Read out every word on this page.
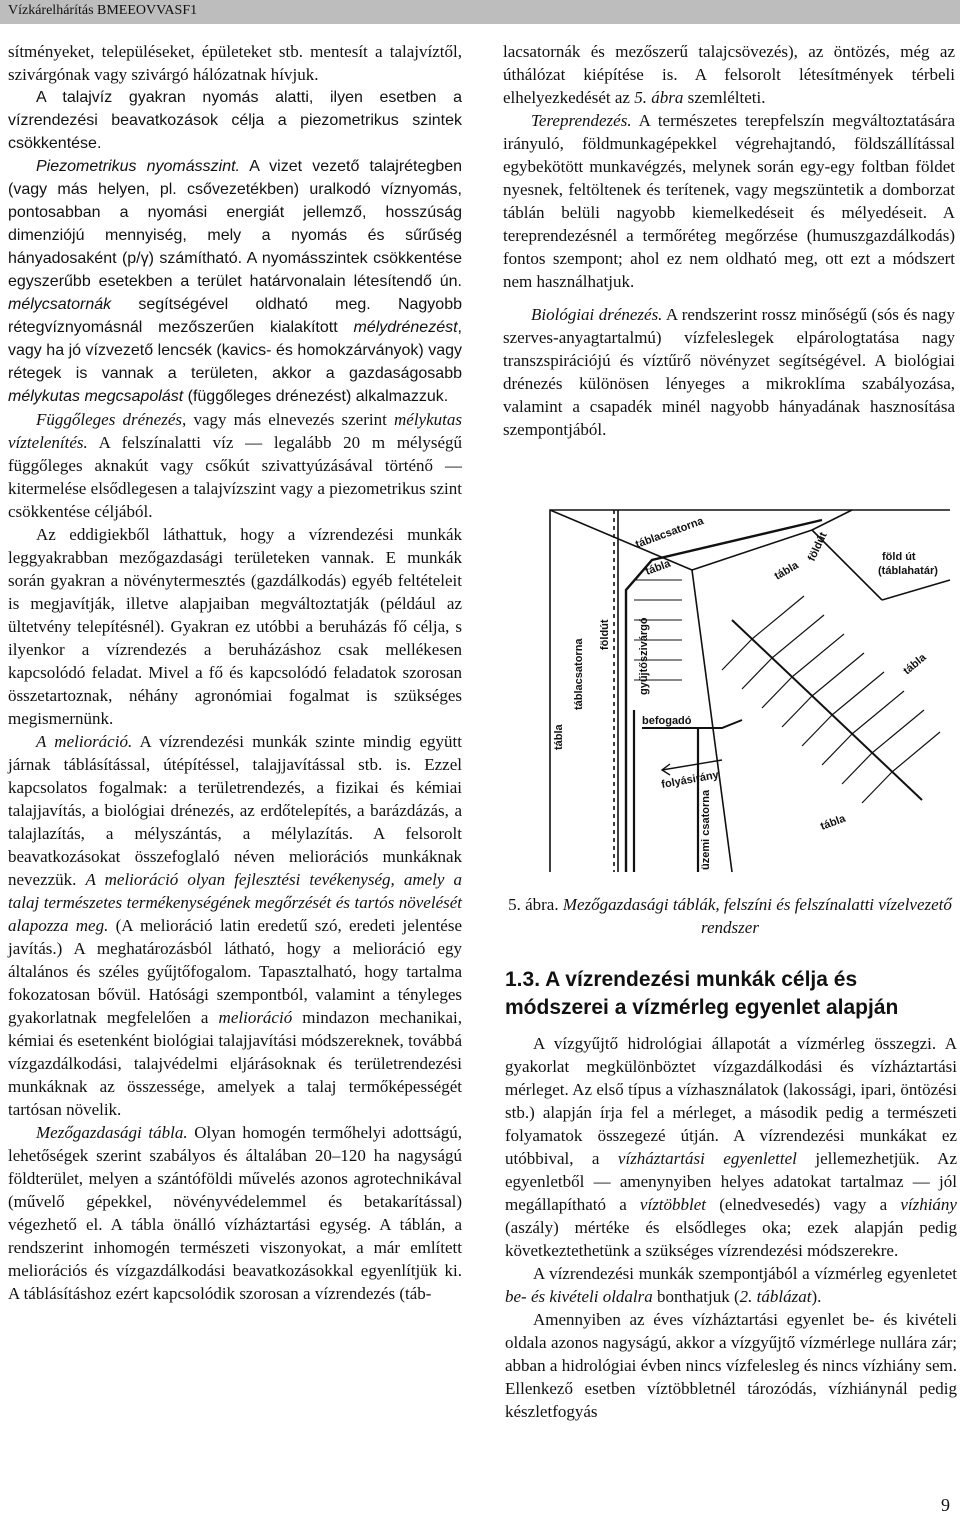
Vízkárelhárítás BMEEOVVASF1

sítményeket, településeket, épületeket stb. mentesít a talajvíztől, szivárgónak vagy szivárgó hálózatnak hívjuk.

A talajvíz gyakran nyomás alatti, ilyen esetben a vízrendezési beavatkozások célja a piezometrikus szintek csökkentése.

Piezometrikus nyomásszint. A vizet vezető talajrétegben (vagy más helyen, pl. csővezetékben) uralkodó víznyomás, pontosabban a nyomási energiát jellemző, hosszúság dimenziójú mennyiség, mely a nyomás és sűrűség hányadosaként (p/γ) számítható. A nyomásszintek csökkentése egyszerűbb esetekben a terület határvonalain létesítendő ún. mélycsatornák segítségével oldható meg. Nagyobb rétegvíznyomásnál mezőszerűen kialakított mélydrénezést, vagy ha jó vízvezető lencsék (kavics- és homokzárványok) vagy rétegek is vannak a területen, akkor a gazdaságosabb mélykutas megcsapolást (függőleges drénezést) alkalmazzuk.

Függőleges drénezés, vagy más elnevezés szerint mélykutas víztelenítés. A felszínalatti víz — legalább 20 m mélységű függőleges aknakút vagy csőkút szivattyúzásával történő — kitermelése elsődlegesen a talajvízszint vagy a piezometrikus szint csökkentése céljából.

Az eddigiekből láthattuk, hogy a vízrendezési munkák leggyakrabban mezőgazdasági területeken vannak. E munkák során gyakran a növénytermesztés (gazdálkodás) egyéb feltételeit is megjavítják, illetve alapjaiban megváltoztatják (például az ültetvény telepítésnél). Gyakran ez utóbbi a beruházás fő célja, s ilyenkor a vízrendezés a beruházáshoz csak mellékesen kapcsolódó feladat. Mivel a fő és kapcsolódó feladatok szorosan összetartoznak, néhány agronómiai fogalmat is szükséges megismernünk.

A melioráció. A vízrendezési munkák szinte mindig együtt járnak táblásítással, útépítéssel, talajjavítással stb. is. Ezzel kapcsolatos fogalmak: a területrendezés, a fizikai és kémiai talajjavítás, a biológiai drénezés, az erdőtelepítés, a barázdázás, a talajlazítás, a mélyszántás, a mélylazítás. A felsorolt beavatkozásokat összefoglaló néven meliorációs munkáknak nevezzük. A melioráció olyan fejlesztési tevékenység, amely a talaj természetes termékenységének megőrzését és tartós növelését alapozza meg. (A melioráció latin eredetű szó, eredeti jelentése javítás.) A meghatározásból látható, hogy a melioráció egy általános és széles gyűjtőfogalom. Tapasztalható, hogy tartalma fokozatosan bővül. Hatósági szempontból, valamint a tényleges gyakorlatnak megfelelően a melioráció mindazon mechanikai, kémiai és esetenként biológiai talajjavítási módszereknek, továbbá vízgazdálkodási, talajvédelmi eljárásoknak és területrendezési munkáknak az összessége, amelyek a talaj termőképességét tartósan növelik.

Mezőgazdasági tábla. Olyan homogén termőhelyi adottságú, lehetőségek szerint szabályos és általában 20–120 ha nagyságú földterület, melyen a szántóföldi művelés azonos agrotechnikával (művelő gépekkel, növényvédelemmel és betakarítással) végezhető el. A tábla önálló vízháztartási egység. A táblán, a rendszerint inhomogén természeti viszonyokat, a már említett meliorációs és vízgazdálkodási beavatkozásokkal egyenlítjük ki. A táblásításhoz ezért kapcsolódik szorosan a vízrendezés (táb-

lacsatornák és mezőszerű talajcsövezés), az öntözés, még az úthálózat kiépítése is. A felsorolt létesítmények térbeli elhelyezkedését az 5. ábra szemlélteti.

Tereprendezés. A természetes terepfelszín megváltoztatására irányuló, földmunkagépekkel végrehajtandó, földszállítással egybekötött munkavégzés, melynek során egy-egy foltban földet nyesnek, feltöltenek és terítenek, vagy megszüntetik a domborzat táblán belüli nagyobb kiemelkedéseit és mélyedéseit. A tereprendezésnél a termőréteg megőrzése (humuszgazdálkodás) fontos szempont; ahol ez nem oldható meg, ott ezt a módszert nem használhatjuk.

Biológiai drénezés. A rendszerint rossz minőségű (sós és nagy szerves-anyagtartalmú) vízfeleslegek elpárologtatása nagy transzspirációjú és víztűrő növényzet segítségével. A biológiai drénezés különösen lényeges a mikroklíma szabályozása, valamint a csapadék minél nagyobb hányadának hasznosítása szempontjából.

táblacsatorna
tábla
földút	föld út
(táblahatár)
földút gyűjtőszivárgó
táblacsatorna
tábla
tábla
tábla
tábla
befogadó
folyásirány
üzemi csatorna
5. ábra. Mezőgazdasági táblák, felszíni és felszínalatti vízelvezető rendszer
1.3. A vízrendezési munkák célja és módszerei a vízmérleg egyenlet alapján

A vízgyűjtő hidrológiai állapotát a vízmérleg összegzi. A gyakorlat megkülönböztet vízgazdálkodási és vízháztartási mérleget. Az első típus a vízhasználatok (lakossági, ipari, öntözési stb.) alapján írja fel a mérleget, a második pedig a természeti folyamatok összegezé útján. A vízrendezési munkákat ez utóbbival, a vízháztartási egyenlettel jellemezhetjük. Az egyenletből — amenynyiben helyes adatokat tartalmaz — jól megállapítható a víztöbblet (elnedvesedés) vagy a vízhiány (aszály) mértéke és elsődleges oka; ezek alapján pedig következtethetünk a szükséges vízrendezési módszerekre.

A vízrendezési munkák szempontjából a vízmérleg egyenletet be- és kivételi oldalra bonthatjuk (2. táblázat).

Amennyiben az éves vízháztartási egyenlet be- és kivételi oldala azonos nagyságú, akkor a vízgyűjtő vízmérlege nullára zár; abban a hidrológiai évben nincs vízfelesleg és nincs vízhiány sem. Ellenkező esetben víztöbbletnél tározódás, vízhiánynál pedig készletfogyás

9
